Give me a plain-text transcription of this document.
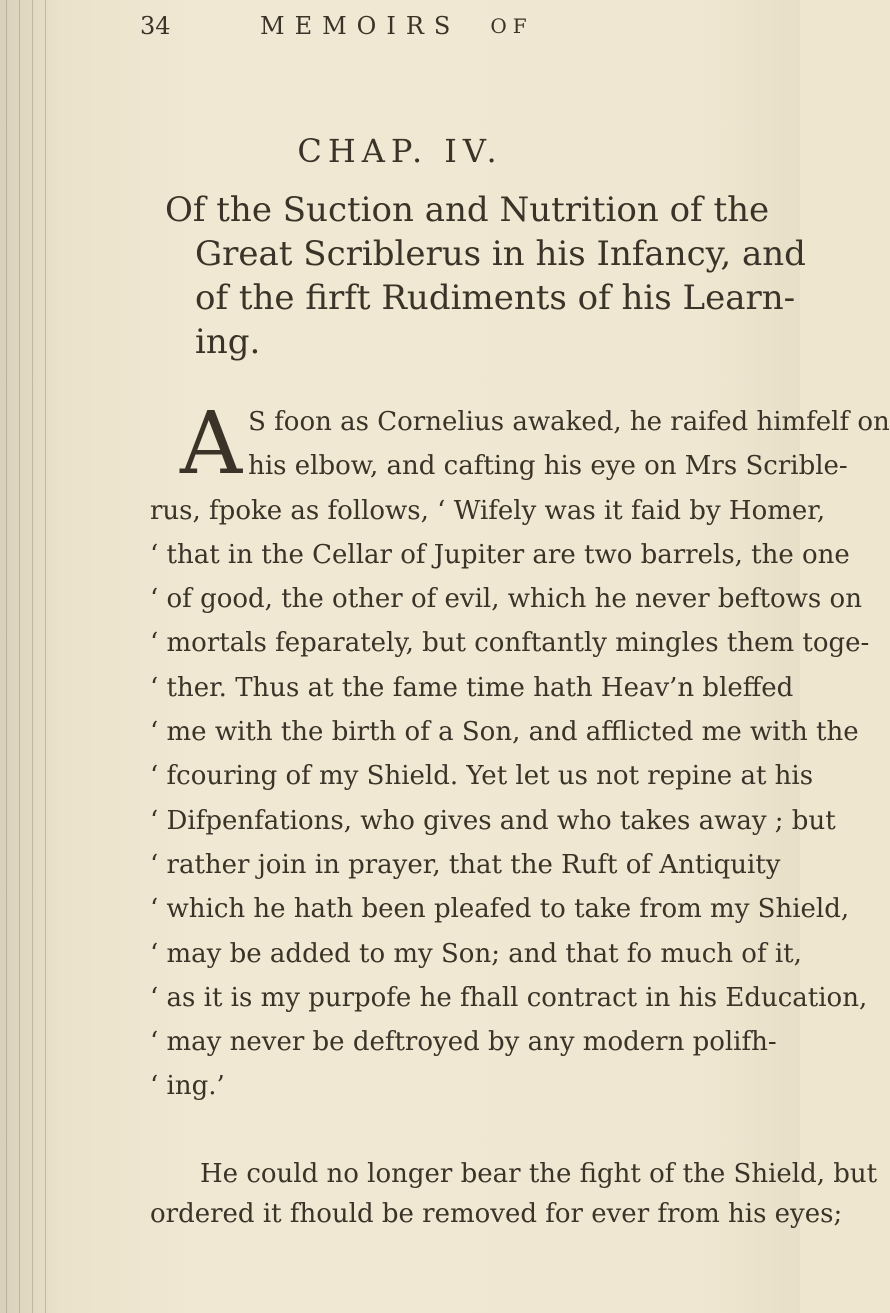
34	MEMOIRS OF
CHAP. IV.
Of the Suction and Nutrition of the
Great Scriblerus in his Infancy, and
of the firft Rudiments of his Learn-
ing.
A S foon as Cornelius awaked, he raifed himfelf on
his elbow, and cafting his eye on Mrs Scrible-
rus, fpoke as follows, ‘ Wifely was it faid by Homer,
‘ that in the Cellar of Jupiter are two barrels, the one
‘ of good, the other of evil, which he never beftows on
‘ mortals feparately, but conftantly mingles them toge-
‘ ther. Thus at the fame time hath Heav’n bleffed
‘ me with the birth of a Son, and afflicted me with the
‘ fcouring of my Shield. Yet let us not repine at his
‘ Difpenfations, who gives and who takes away ; but
‘ rather join in prayer, that the Ruft of Antiquity
‘ which he hath been pleafed to take from my Shield,
‘ may be added to my Son; and that fo much of it,
‘ as it is my purpofe he fhall contract in his Education,
‘ may never be deftroyed by any modern polifh-
‘ ing.’
He could no longer bear the fight of the Shield, but
ordered it fhould be removed for ever from his eyes;
